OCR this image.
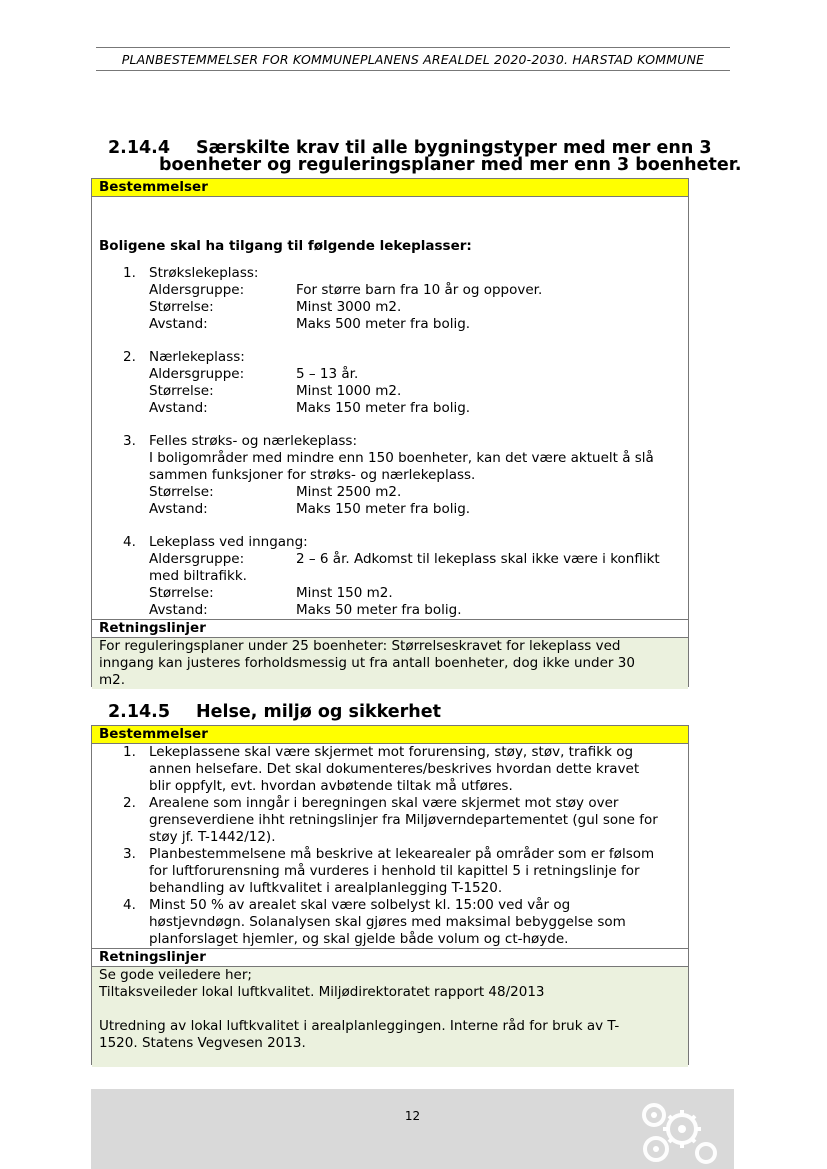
PLANBESTEMMELSER FOR KOMMUNEPLANENS AREALDEL 2020-2030. HARSTAD KOMMUNE
2.14.4 Særskilte krav til alle bygningstyper med mer enn 3
boenheter og reguleringsplaner med mer enn 3 boenheter.
Bestemmelser
Boligene skal ha tilgang til følgende lekeplasser:
1. Strøkslekeplass:
Aldersgruppe:	For større barn fra 10 år og oppover.
Størrelse:	Minst 3000 m2.
Avstand:	Maks 500 meter fra bolig.
2. Nærlekeplass:
Aldersgruppe:	5 – 13 år.
Størrelse:	Minst 1000 m2.
Avstand:	Maks 150 meter fra bolig.
3. Felles strøks- og nærlekeplass:
I boligområder med mindre enn 150 boenheter, kan det være aktuelt å slå
sammen funksjoner for strøks- og nærlekeplass.
Størrelse:	Minst 2500 m2.
Avstand:	Maks 150 meter fra bolig.
4. Lekeplass ved inngang:
Aldersgruppe:	2 – 6 år. Adkomst til lekeplass skal ikke være i konflikt
med biltrafikk.
Størrelse:	Minst 150 m2.
Avstand:	Maks 50 meter fra bolig.
Retningslinjer
For reguleringsplaner under 25 boenheter: Størrelseskravet for lekeplass ved
inngang kan justeres forholdsmessig ut fra antall boenheter, dog ikke under 30
m2.
2.14.5 Helse, miljø og sikkerhet
Bestemmelser
1. Lekeplassene skal være skjermet mot forurensing, støy, støv, trafikk og
annen helsefare. Det skal dokumenteres/beskrives hvordan dette kravet
blir oppfylt, evt. hvordan avbøtende tiltak må utføres.
2. Arealene som inngår i beregningen skal være skjermet mot støy over
grenseverdiene ihht retningslinjer fra Miljøverndepartementet (gul sone for
støy jf. T-1442/12).
3. Planbestemmelsene må beskrive at lekearealer på områder som er følsom
for luftforurensning må vurderes i henhold til kapittel 5 i retningslinje for
behandling av luftkvalitet i arealplanlegging T-1520.
4. Minst 50 % av arealet skal være solbelyst kl. 15:00 ved vår og
høstjevndøgn. Solanalysen skal gjøres med maksimal bebyggelse som
planforslaget hjemler, og skal gjelde både volum og ct-høyde.
Retningslinjer
Se gode veiledere her;
Tiltaksveileder lokal luftkvalitet. Miljødirektoratet rapport 48/2013
Utredning av lokal luftkvalitet i arealplanleggingen. Interne råd for bruk av T-
1520. Statens Vegvesen 2013.
12
